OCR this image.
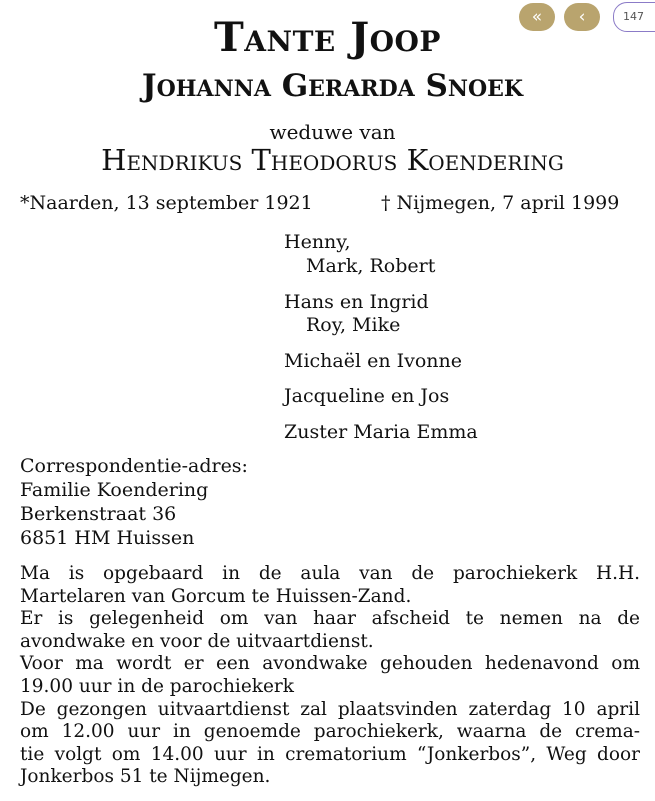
« ‹	147
Tante Joop
Johanna Gerarda Snoek
weduwe van
Hendrikus Theodorus Koendering
*Naarden, 13 september 1921	† Nijmegen, 7 april 1999
Henny,
Mark, Robert
Hans en Ingrid
Roy, Mike
Michaël en Ivonne
Jacqueline en Jos
Zuster Maria Emma
Correspondentie-adres:
Familie Koendering
Berkenstraat 36
6851 HM Huissen
Ma is opgebaard in de aula van de parochiekerk H.H.
Martelaren van Gorcum te Huissen-Zand.
Er is gelegenheid om van haar afscheid te nemen na de
avondwake en voor de uitvaartdienst.
Voor ma wordt er een avondwake gehouden hedenavond om
19.00 uur in de parochiekerk
De gezongen uitvaartdienst zal plaatsvinden zaterdag 10 april
om 12.00 uur in genoemde parochiekerk, waarna de crema-
tie volgt om 14.00 uur in crematorium “Jonkerbos”, Weg door
Jonkerbos 51 te Nijmegen.
